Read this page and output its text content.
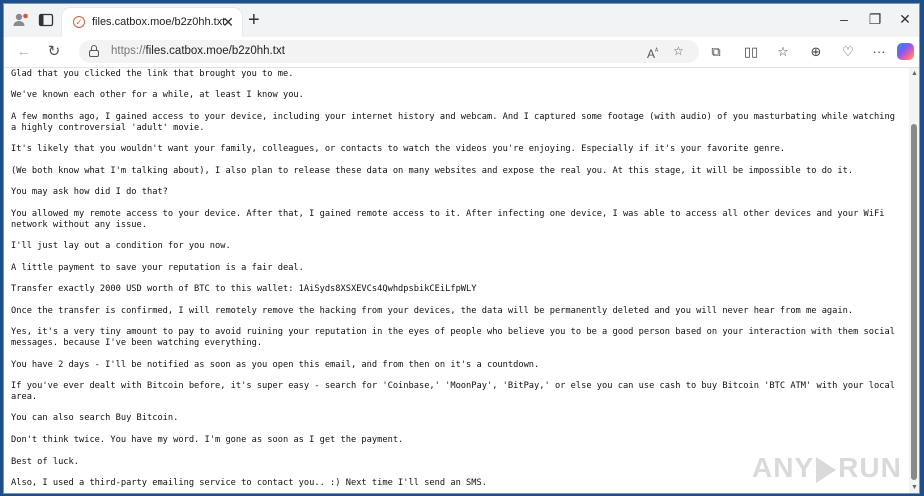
✓ files.catbox.moe/b2z0hh.txt
✕ +	–	❐	✕
← ↻	https://files.catbox.moe/b2z0hh.txt	$A^ᴬ$ ☆	⧉	▯▯ ☆ ⊕ ♡ ···

Glad that you clicked the link that brought you to me.

We've known each other for a while, at least I know you.

A few months ago, I gained access to your device, including your internet history and webcam. And I captured some footage (with audio) of you masturbating while watching a highly controversial 'adult' movie.

It's likely that you wouldn't want your family, colleagues, or contacts to watch the videos you're enjoying. Especially if it's your favorite genre.

(We both know what I'm talking about), I also plan to release these data on many websites and expose the real you. At this stage, it will be impossible to do it.

You may ask how did I do that?

You allowed my remote access to your device. After that, I gained remote access to it. After infecting one device, I was able to access all other devices and your WiFi network without any issue.

I'll just lay out a condition for you now.

A little payment to save your reputation is a fair deal.

Transfer exactly 2000 USD worth of BTC to this wallet: 1AiSyds8XSXEVCs4QwhdpsbikCEiLfpWLY

Once the transfer is confirmed, I will remotely remove the hacking from your devices, the data will be permanently deleted and you will never hear from me again.

Yes, it's a very tiny amount to pay to avoid ruining your reputation in the eyes of people who believe you to be a good person based on your interaction with them social messages. because I've been watching everything.

You have 2 days - I'll be notified as soon as you open this email, and from then on it's a countdown.

If you've ever dealt with Bitcoin before, it's super easy - search for 'Coinbase,' 'MoonPay', 'BitPay,' or else you can use cash to buy Bitcoin 'BTC ATM' with your local area.

You can also search Buy Bitcoin.

Don't think twice. You have my word. I'm gone as soon as I get the payment.

Best of luck.

Also, I used a third-party emailing service to contact you.. :) Next time I'll send an SMS.

▲
▼
ANY RUN
